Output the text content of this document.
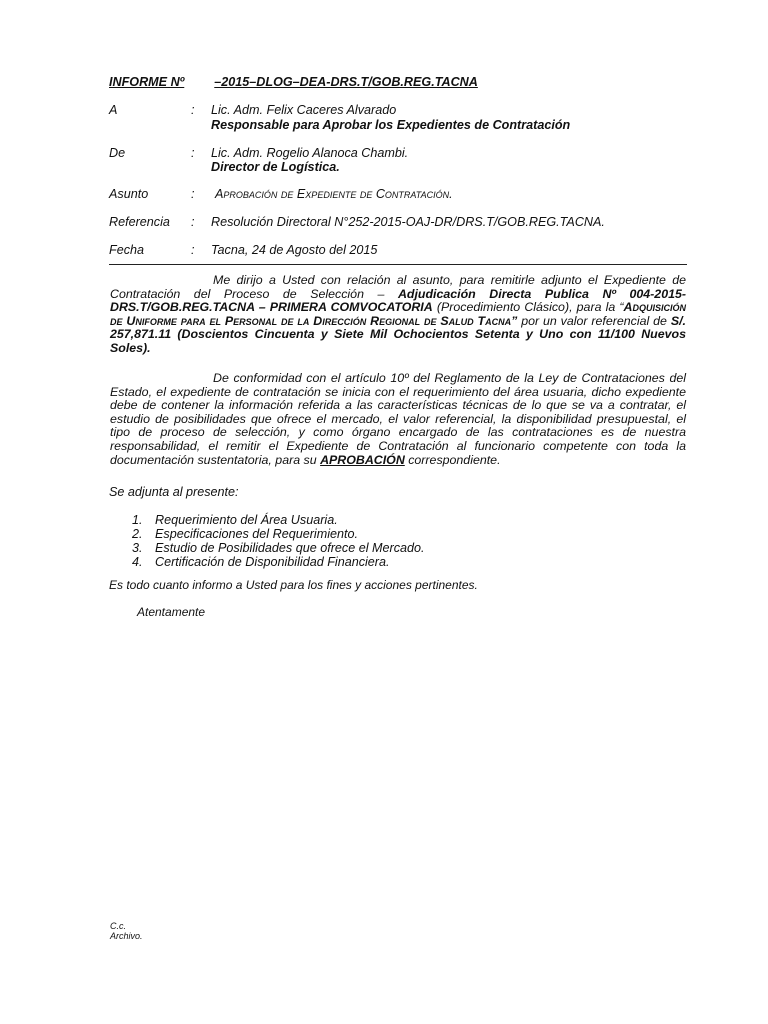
INFORME Nº –2015–DLOG–DEA-DRS.T/GOB.REG.TACNA
A	: Lic. Adm. Felix Caceres Alvarado
Responsable para Aprobar los Expedientes de Contratación
De	: Lic. Adm. Rogelio Alanoca Chambi.
Director de Logística.
Asunto	: Aprobación de Expediente de Contratación.
Referencia : Resolución Directoral N°252-2015-OAJ-DR/DRS.T/GOB.REG.TACNA.
Fecha	: Tacna, 24 de Agosto del 2015
Me dirijo a Usted con relación al asunto, para remitirle adjunto el Expediente de Contratación del Proceso de Selección – Adjudicación Directa Publica Nº 004-2015-DRS.T/GOB.REG.TACNA – PRIMERA COMVOCATORIA (Procedimiento Clásico), para la “Adquisición de Uniforme para el Personal de la Dirección Regional de Salud Tacna” por un valor referencial de S/. 257,871.11 (Doscientos Cincuenta y Siete Mil Ochocientos Setenta y Uno con 11/100 Nuevos Soles).
De conformidad con el artículo 10º del Reglamento de la Ley de Contrataciones del Estado, el expediente de contratación se inicia con el requerimiento del área usuaria, dicho expediente debe de contener la información referida a las características técnicas de lo que se va a contratar, el estudio de posibilidades que ofrece el mercado, el valor referencial, la disponibilidad presupuestal, el tipo de proceso de selección, y como órgano encargado de las contrataciones es de nuestra responsabilidad, el remitir el Expediente de Contratación al funcionario competente con toda la documentación sustentatoria, para su APROBACIÓN correspondiente.
Se adjunta al presente:
1. Requerimiento del Área Usuaria.
2. Especificaciones del Requerimiento.
3. Estudio de Posibilidades que ofrece el Mercado.
4. Certificación de Disponibilidad Financiera.
Es todo cuanto informo a Usted para los fines y acciones pertinentes.
Atentamente
C.c.
Archivo.
